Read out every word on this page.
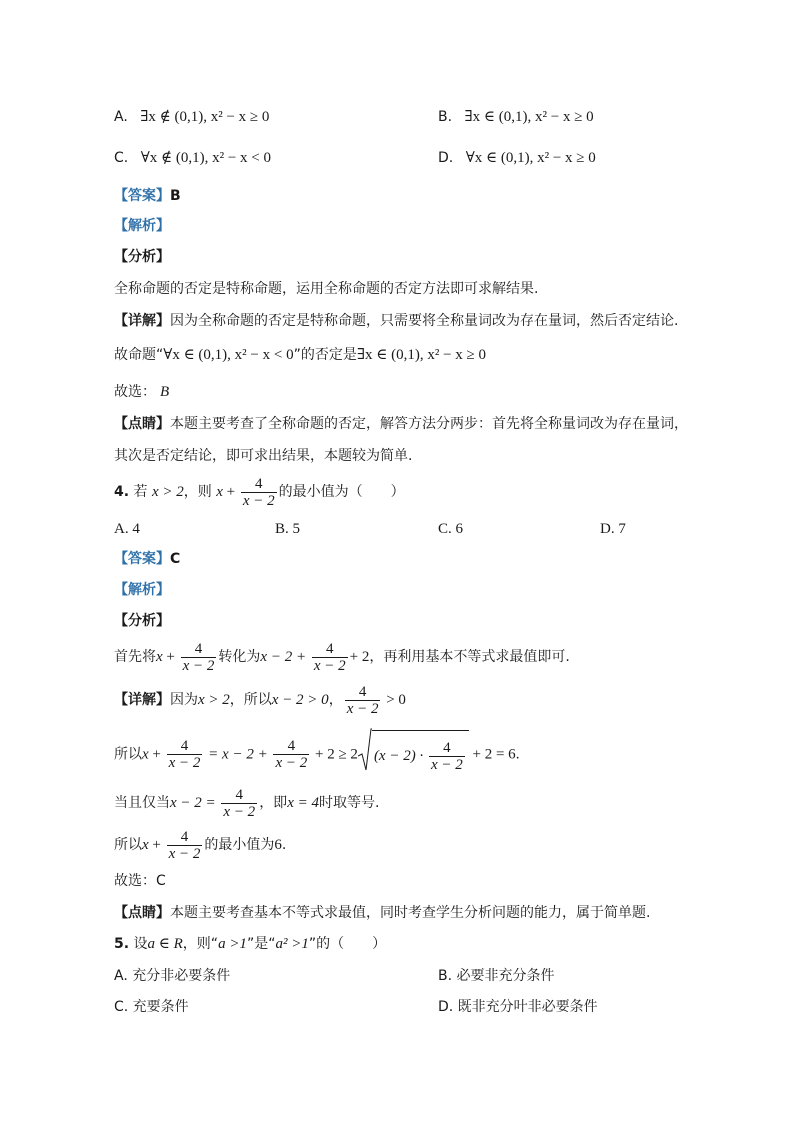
A. ∃x ∉ (0,1), x² − x ≥ 0	B. ∃x ∈ (0,1), x² − x ≥ 0
C. ∀x ∉ (0,1), x² − x < 0	D. ∀x ∈ (0,1), x² − x ≥ 0
【答案】B
【解析】
【分析】
全称命题的否定是特称命题，运用全称命题的否定方法即可求解结果.
【详解】因为全称命题的否定是特称命题，只需要将全称量词改为存在量词，然后否定结论.
故命题“∀x ∈ (0,1), x² − x < 0”的否定是∃x ∈ (0,1), x² − x ≥ 0
故选： B
【点睛】本题主要考查了全称命题的否定，解答方法分两步：首先将全称量词改为存在量词，
其次是否定结论，即可求出结果，本题较为简单.
4. 若 x > 2，则 $x + \frac{4}{x - 2}$ 的最小值为（　　）
A. 4	B. 5	C. 6	D. 7
【答案】C
【解析】
【分析】
首先将$x + \frac{4}{x - 2}$ 转化为$x - 2 + \frac{4}{x - 2} + 2$，再利用基本不等式求最值即可.
【详解】因为x > 2，所以x − 2 > 0， $\frac{4}{x - 2} > 0$
所以$x + \frac{4}{x - 2} = x - 2 + \frac{4}{x - 2} + 2 \ge 2$ $(x - 2) \cdot \frac{4}{x - 2} + 2 = 6$.
当且仅当$x - 2 = \frac{4}{x - 2}$ ，即x = 4时取等号.
所以$x + \frac{4}{x - 2}$ 的最小值为6.
故选：C
【点睛】本题主要考查基本不等式求最值，同时考查学生分析问题的能力，属于简单题.
5. 设a ∈ R，则“a >1”是“a² >1”的（　　）
A. 充分非必要条件	B. 必要非充分条件
C. 充要条件	D. 既非充分叶非必要条件
